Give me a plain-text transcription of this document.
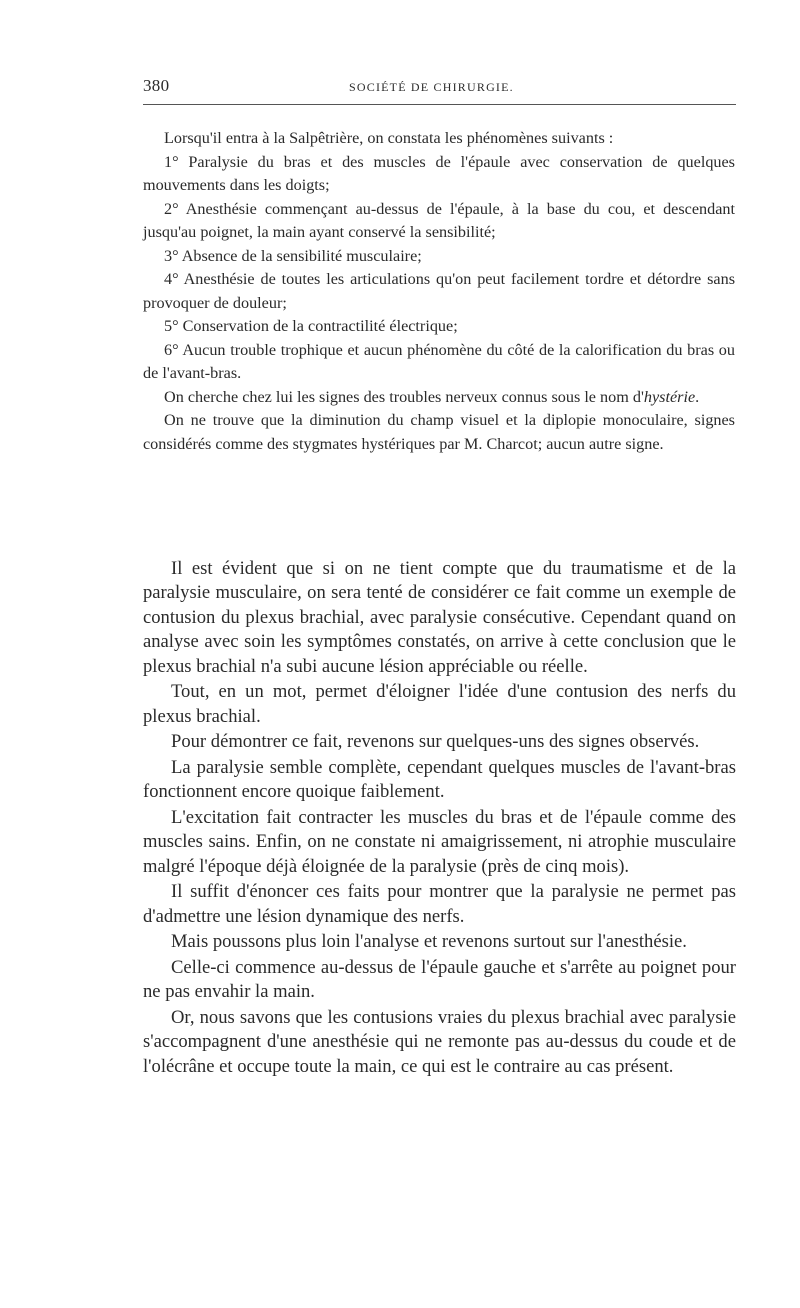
380	SOCIÉTÉ DE CHIRURGIE.

Lorsqu'il entra à la Salpêtrière, on constata les phénomènes suivants :

1° Paralysie du bras et des muscles de l'épaule avec conservation de quelques mouvements dans les doigts;

2° Anesthésie commençant au-dessus de l'épaule, à la base du cou, et descendant jusqu'au poignet, la main ayant conservé la sensibilité;

3° Absence de la sensibilité musculaire;

4° Anesthésie de toutes les articulations qu'on peut facilement tordre et détordre sans provoquer de douleur;

5° Conservation de la contractilité électrique;

6° Aucun trouble trophique et aucun phénomène du côté de la calorification du bras ou de l'avant-bras.

On cherche chez lui les signes des troubles nerveux connus sous le nom d'hystérie.

On ne trouve que la diminution du champ visuel et la diplopie monoculaire, signes considérés comme des stygmates hystériques par M. Charcot; aucun autre signe.

Il est évident que si on ne tient compte que du traumatisme et de la paralysie musculaire, on sera tenté de considérer ce fait comme un exemple de contusion du plexus brachial, avec paralysie consécutive. Cependant quand on analyse avec soin les symptômes constatés, on arrive à cette conclusion que le plexus brachial n'a subi aucune lésion appréciable ou réelle.

Tout, en un mot, permet d'éloigner l'idée d'une contusion des nerfs du plexus brachial.

Pour démontrer ce fait, revenons sur quelques-uns des signes observés.

La paralysie semble complète, cependant quelques muscles de l'avant-bras fonctionnent encore quoique faiblement.

L'excitation fait contracter les muscles du bras et de l'épaule comme des muscles sains. Enfin, on ne constate ni amaigrissement, ni atrophie musculaire malgré l'époque déjà éloignée de la paralysie (près de cinq mois).

Il suffit d'énoncer ces faits pour montrer que la paralysie ne permet pas d'admettre une lésion dynamique des nerfs.

Mais poussons plus loin l'analyse et revenons surtout sur l'anesthésie.

Celle-ci commence au-dessus de l'épaule gauche et s'arrête au poignet pour ne pas envahir la main.

Or, nous savons que les contusions vraies du plexus brachial avec paralysie s'accompagnent d'une anesthésie qui ne remonte pas au-dessus du coude et de l'olécrâne et occupe toute la main, ce qui est le contraire au cas présent.
